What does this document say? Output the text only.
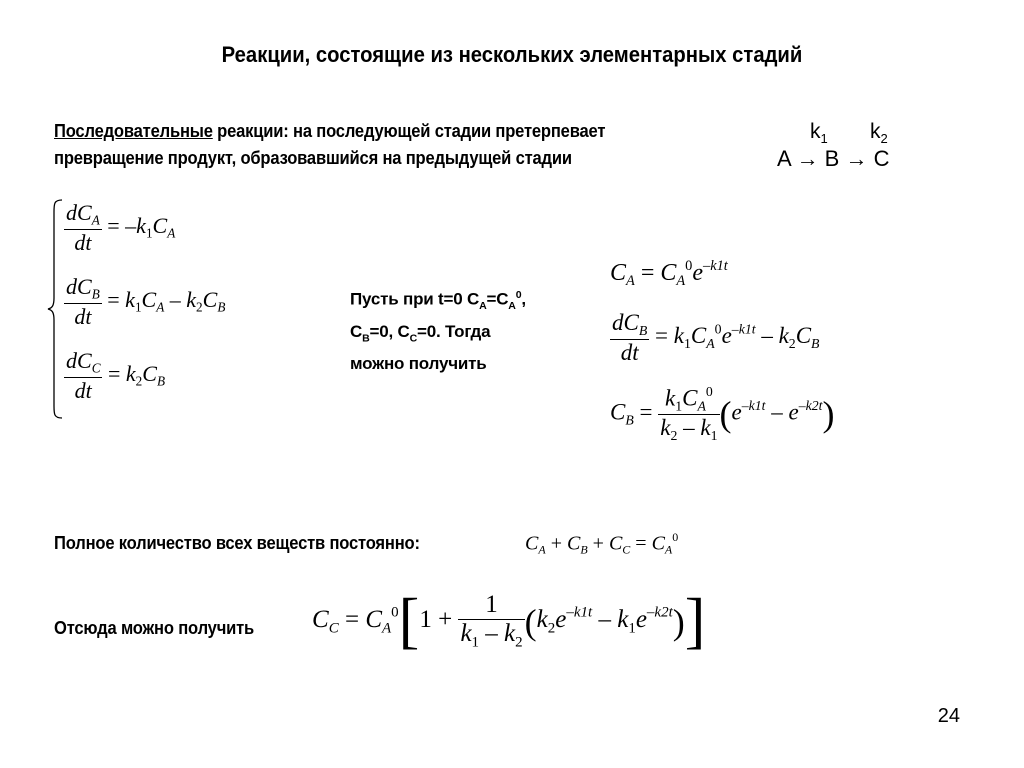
Реакции, состоящие из нескольких элементарных стадий
Последовательные реакции: на последующей стадии претерпевает
превращение продукт, образовавшийся на предыдущей стадии
$k_1$ $k_2$
A → B → C
$\frac{dC_A}{dt} = -k_1C_A$
$\frac{dC_B}{dt} = k_1C_A - k_2C_B$
$\frac{dC_C}{dt} = k_2C_B$
Пусть при t=0 $C_A=C_A^0$,
$C_B=0$, $C_C=0$. Тогда
можно получить
$C_A = C_A^0e^{-k1t}$
$\frac{dC_B}{dt} = k_1C_A^0e^{-k1t} - k_2C_B$
$C_B = \frac{k_1C_A^0}{k_2 - k_1} (e^{-k1t} - e^{-k2t})$
Полное количество всех веществ постоянно:	$C_A + C_B + C_C = C_A^0$
Отсюда можно получить $C_C = C_A^0[1 + \frac{1}{k_1 - k_2} (k_2e^{-k1t} - k_1e^{-k2t})]$
24
